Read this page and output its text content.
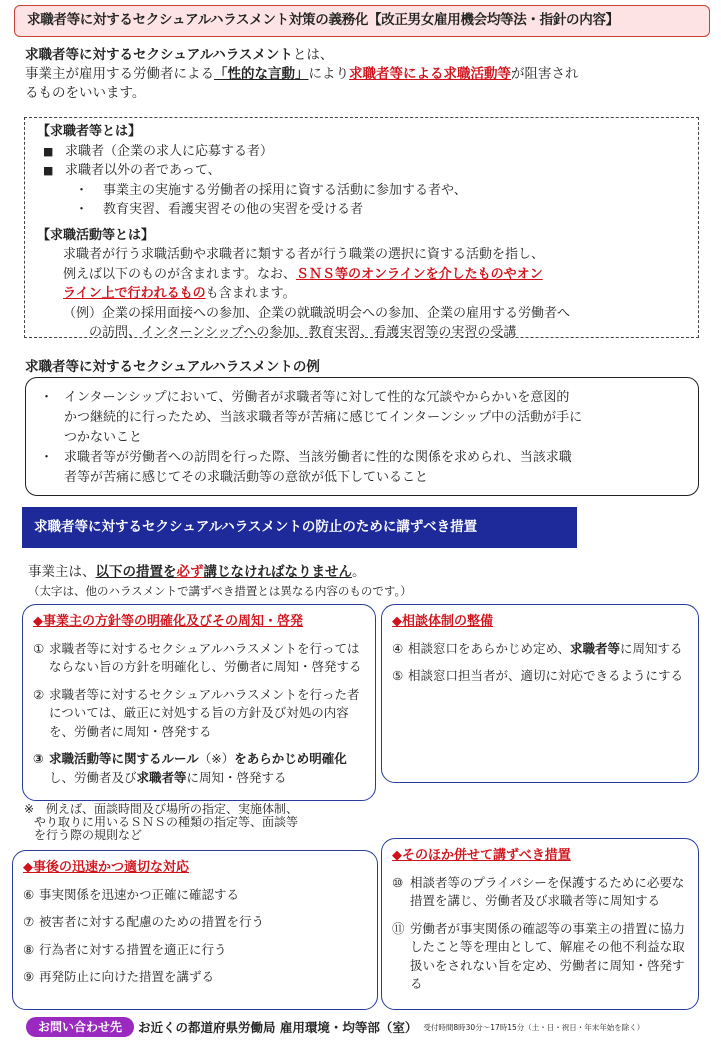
求職者等に対するセクシュアルハラスメント対策の義務化【改正男女雇用機会均等法・指針の内容】
求職者等に対するセクシュアルハラスメントとは、
事業主が雇用する労働者による「性的な言動」により求職者等による求職活動等が阻害され
るものをいいます。
【求職者等とは】
■ 求職者（企業の求人に応募する者）
■ 求職者以外の者であって、
・ 事業主の実施する労働者の採用に資する活動に参加する者や、
・ 教育実習、看護実習その他の実習を受ける者
【求職活動等とは】
求職者が行う求職活動や求職者に類する者が行う職業の選択に資する活動を指し、
例えば以下のものが含まれます。なお、ＳＮＳ等のオンラインを介したものやオン
ライン上で行われるものも含まれます。
（例）企業の採用面接への参加、企業の就職説明会への参加、企業の雇用する労働者へ
の訪問、インターンシップへの参加、教育実習、看護実習等の実習の受講
求職者等に対するセクシュアルハラスメントの例
・ インターンシップにおいて、労働者が求職者等に対して性的な冗談やからかいを意図的
かつ継続的に行ったため、当該求職者等が苦痛に感じてインターンシップ中の活動が手に
つかないこと
・ 求職者等が労働者への訪問を行った際、当該労働者に性的な関係を求められ、当該求職
者等が苦痛に感じてその求職活動等の意欲が低下していること
求職者等に対するセクシュアルハラスメントの防止のために講ずべき措置
事業主は、以下の措置を必ず講じなければなりません。
（太字は、他のハラスメントで講ずべき措置とは異なる内容のものです。）
◆事業主の方針等の明確化及びその周知・啓発
① 求職者等に対するセクシュアルハラスメントを行ってはならない旨の方針を明確化し、労働者に周知・啓発する
② 求職者等に対するセクシュアルハラスメントを行った者については、厳正に対処する旨の方針及び対処の内容を、労働者に周知・啓発する
③ 求職活動等に関するルール（※）をあらかじめ明確化し、労働者及び求職者等に周知・啓発する
※　例えば、面談時間及び場所の指定、実施体制、
やり取りに用いるＳＮＳの種類の指定等、面談等
を行う際の規則など
◆相談体制の整備
④ 相談窓口をあらかじめ定め、求職者等に周知する
⑤ 相談窓口担当者が、適切に対応できるようにする
◆事後の迅速かつ適切な対応
⑥ 事実関係を迅速かつ正確に確認する
⑦ 被害者に対する配慮のための措置を行う
⑧ 行為者に対する措置を適正に行う
⑨ 再発防止に向けた措置を講ずる
◆そのほか併せて講ずべき措置
⑩ 相談者等のプライバシーを保護するために必要な措置を講じ、労働者及び求職者等に周知する
⑪ 労働者が事実関係の確認等の事業主の措置に協力したこと等を理由として、解雇その他不利益な取扱いをされない旨を定め、労働者に周知・啓発する
お問い合わせ先	お近くの都道府県労働局 雇用環境・均等部（室） 受付時間8時30分～17時15分（土・日・祝日・年末年始を除く）
